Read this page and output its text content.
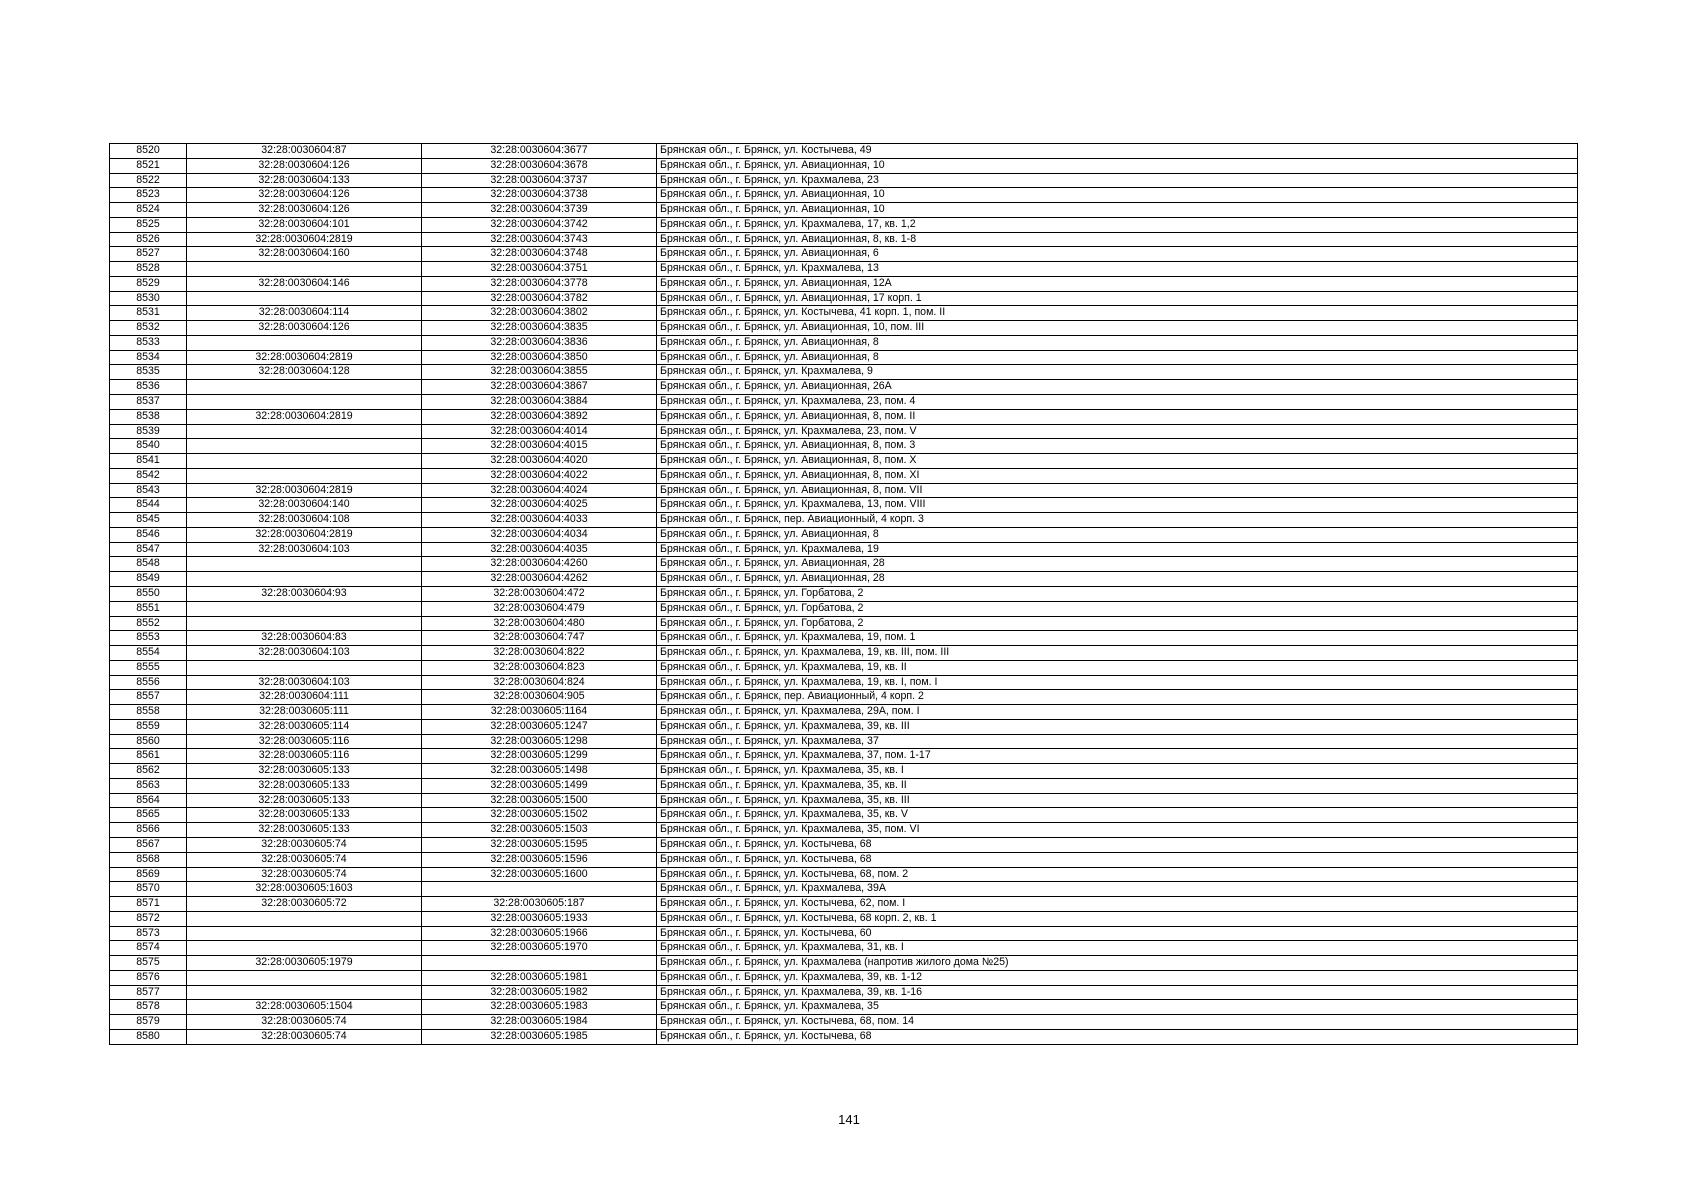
8520	32:28:0030604:87	32:28:0030604:3677	Брянская обл., г. Брянск, ул. Костычева, 49
8521	32:28:0030604:126	32:28:0030604:3678	Брянская обл., г. Брянск, ул. Авиационная, 10
8522	32:28:0030604:133	32:28:0030604:3737	Брянская обл., г. Брянск, ул. Крахмалева, 23
8523	32:28:0030604:126	32:28:0030604:3738	Брянская обл., г. Брянск, ул. Авиационная, 10
8524	32:28:0030604:126	32:28:0030604:3739	Брянская обл., г. Брянск, ул. Авиационная, 10
8525	32:28:0030604:101	32:28:0030604:3742	Брянская обл., г. Брянск, ул. Крахмалева, 17, кв. 1,2
8526	32:28:0030604:2819	32:28:0030604:3743	Брянская обл., г. Брянск, ул. Авиационная, 8, кв. 1-8
8527	32:28:0030604:160	32:28:0030604:3748	Брянская обл., г. Брянск, ул. Авиационная, 6
8528		32:28:0030604:3751	Брянская обл., г. Брянск, ул. Крахмалева, 13
8529	32:28:0030604:146	32:28:0030604:3778	Брянская обл., г. Брянск, ул. Авиационная, 12А
8530		32:28:0030604:3782	Брянская обл., г. Брянск, ул. Авиационная, 17 корп. 1
8531	32:28:0030604:114	32:28:0030604:3802	Брянская обл., г. Брянск, ул. Костычева, 41 корп. 1, пом. II
8532	32:28:0030604:126	32:28:0030604:3835	Брянская обл., г. Брянск, ул. Авиационная, 10, пом. III
8533		32:28:0030604:3836	Брянская обл., г. Брянск, ул. Авиационная, 8
8534	32:28:0030604:2819	32:28:0030604:3850	Брянская обл., г. Брянск, ул. Авиационная, 8
8535	32:28:0030604:128	32:28:0030604:3855	Брянская обл., г. Брянск, ул. Крахмалева, 9
8536		32:28:0030604:3867	Брянская обл., г. Брянск, ул. Авиационная, 26А
8537		32:28:0030604:3884	Брянская обл., г. Брянск, ул. Крахмалева, 23, пом. 4
8538	32:28:0030604:2819	32:28:0030604:3892	Брянская обл., г. Брянск, ул. Авиационная, 8, пом. II
8539		32:28:0030604:4014	Брянская обл., г. Брянск, ул. Крахмалева, 23, пом. V
8540		32:28:0030604:4015	Брянская обл., г. Брянск, ул. Авиационная, 8, пом. 3
8541		32:28:0030604:4020	Брянская обл., г. Брянск, ул. Авиационная, 8, пом. X
8542		32:28:0030604:4022	Брянская обл., г. Брянск, ул. Авиационная, 8, пом. XI
8543	32:28:0030604:2819	32:28:0030604:4024	Брянская обл., г. Брянск, ул. Авиационная, 8, пом. VII
8544	32:28:0030604:140	32:28:0030604:4025	Брянская обл., г. Брянск, ул. Крахмалева, 13, пом. VIII
8545	32:28:0030604:108	32:28:0030604:4033	Брянская обл., г. Брянск, пер. Авиационный, 4 корп. 3
8546	32:28:0030604:2819	32:28:0030604:4034	Брянская обл., г. Брянск, ул. Авиационная, 8
8547	32:28:0030604:103	32:28:0030604:4035	Брянская обл., г. Брянск, ул. Крахмалева, 19
8548		32:28:0030604:4260	Брянская обл., г. Брянск, ул. Авиационная, 28
8549		32:28:0030604:4262	Брянская обл., г. Брянск, ул. Авиационная, 28
8550	32:28:0030604:93	32:28:0030604:472	Брянская обл., г. Брянск, ул. Горбатова, 2
8551		32:28:0030604:479	Брянская обл., г. Брянск, ул. Горбатова, 2
8552		32:28:0030604:480	Брянская обл., г. Брянск, ул. Горбатова, 2
8553	32:28:0030604:83	32:28:0030604:747	Брянская обл., г. Брянск, ул. Крахмалева, 19, пом. 1
8554	32:28:0030604:103	32:28:0030604:822	Брянская обл., г. Брянск, ул. Крахмалева, 19, кв. III, пом. III
8555		32:28:0030604:823	Брянская обл., г. Брянск, ул. Крахмалева, 19, кв. II
8556	32:28:0030604:103	32:28:0030604:824	Брянская обл., г. Брянск, ул. Крахмалева, 19, кв. I, пом. I
8557	32:28:0030604:111	32:28:0030604:905	Брянская обл., г. Брянск, пер. Авиационный, 4 корп. 2
8558	32:28:0030605:111	32:28:0030605:1164	Брянская обл., г. Брянск, ул. Крахмалева, 29А, пом. I
8559	32:28:0030605:114	32:28:0030605:1247	Брянская обл., г. Брянск, ул. Крахмалева, 39, кв. III
8560	32:28:0030605:116	32:28:0030605:1298	Брянская обл., г. Брянск, ул. Крахмалева, 37
8561	32:28:0030605:116	32:28:0030605:1299	Брянская обл., г. Брянск, ул. Крахмалева, 37, пом. 1-17
8562	32:28:0030605:133	32:28:0030605:1498	Брянская обл., г. Брянск, ул. Крахмалева, 35, кв. I
8563	32:28:0030605:133	32:28:0030605:1499	Брянская обл., г. Брянск, ул. Крахмалева, 35, кв. II
8564	32:28:0030605:133	32:28:0030605:1500	Брянская обл., г. Брянск, ул. Крахмалева, 35, кв. III
8565	32:28:0030605:133	32:28:0030605:1502	Брянская обл., г. Брянск, ул. Крахмалева, 35, кв. V
8566	32:28:0030605:133	32:28:0030605:1503	Брянская обл., г. Брянск, ул. Крахмалева, 35, пом. VI
8567	32:28:0030605:74	32:28:0030605:1595	Брянская обл., г. Брянск, ул. Костычева, 68
8568	32:28:0030605:74	32:28:0030605:1596	Брянская обл., г. Брянск, ул. Костычева, 68
8569	32:28:0030605:74	32:28:0030605:1600	Брянская обл., г. Брянск, ул. Костычева, 68, пом. 2
8570	32:28:0030605:1603		Брянская обл., г. Брянск, ул. Крахмалева, 39А
8571	32:28:0030605:72	32:28:0030605:187	Брянская обл., г. Брянск, ул. Костычева, 62, пом. I
8572		32:28:0030605:1933	Брянская обл., г. Брянск, ул. Костычева, 68 корп. 2, кв. 1
8573		32:28:0030605:1966	Брянская обл., г. Брянск, ул. Костычева, 60
8574		32:28:0030605:1970	Брянская обл., г. Брянск, ул. Крахмалева, 31, кв. I
8575	32:28:0030605:1979		Брянская обл., г. Брянск, ул. Крахмалева (напротив жилого дома №25)
8576		32:28:0030605:1981	Брянская обл., г. Брянск, ул. Крахмалева, 39, кв. 1-12
8577		32:28:0030605:1982	Брянская обл., г. Брянск, ул. Крахмалева, 39, кв. 1-16
8578	32:28:0030605:1504	32:28:0030605:1983	Брянская обл., г. Брянск, ул. Крахмалева, 35
8579	32:28:0030605:74	32:28:0030605:1984	Брянская обл., г. Брянск, ул. Костычева, 68, пом. 14
8580	32:28:0030605:74	32:28:0030605:1985	Брянская обл., г. Брянск, ул. Костычева, 68
141
